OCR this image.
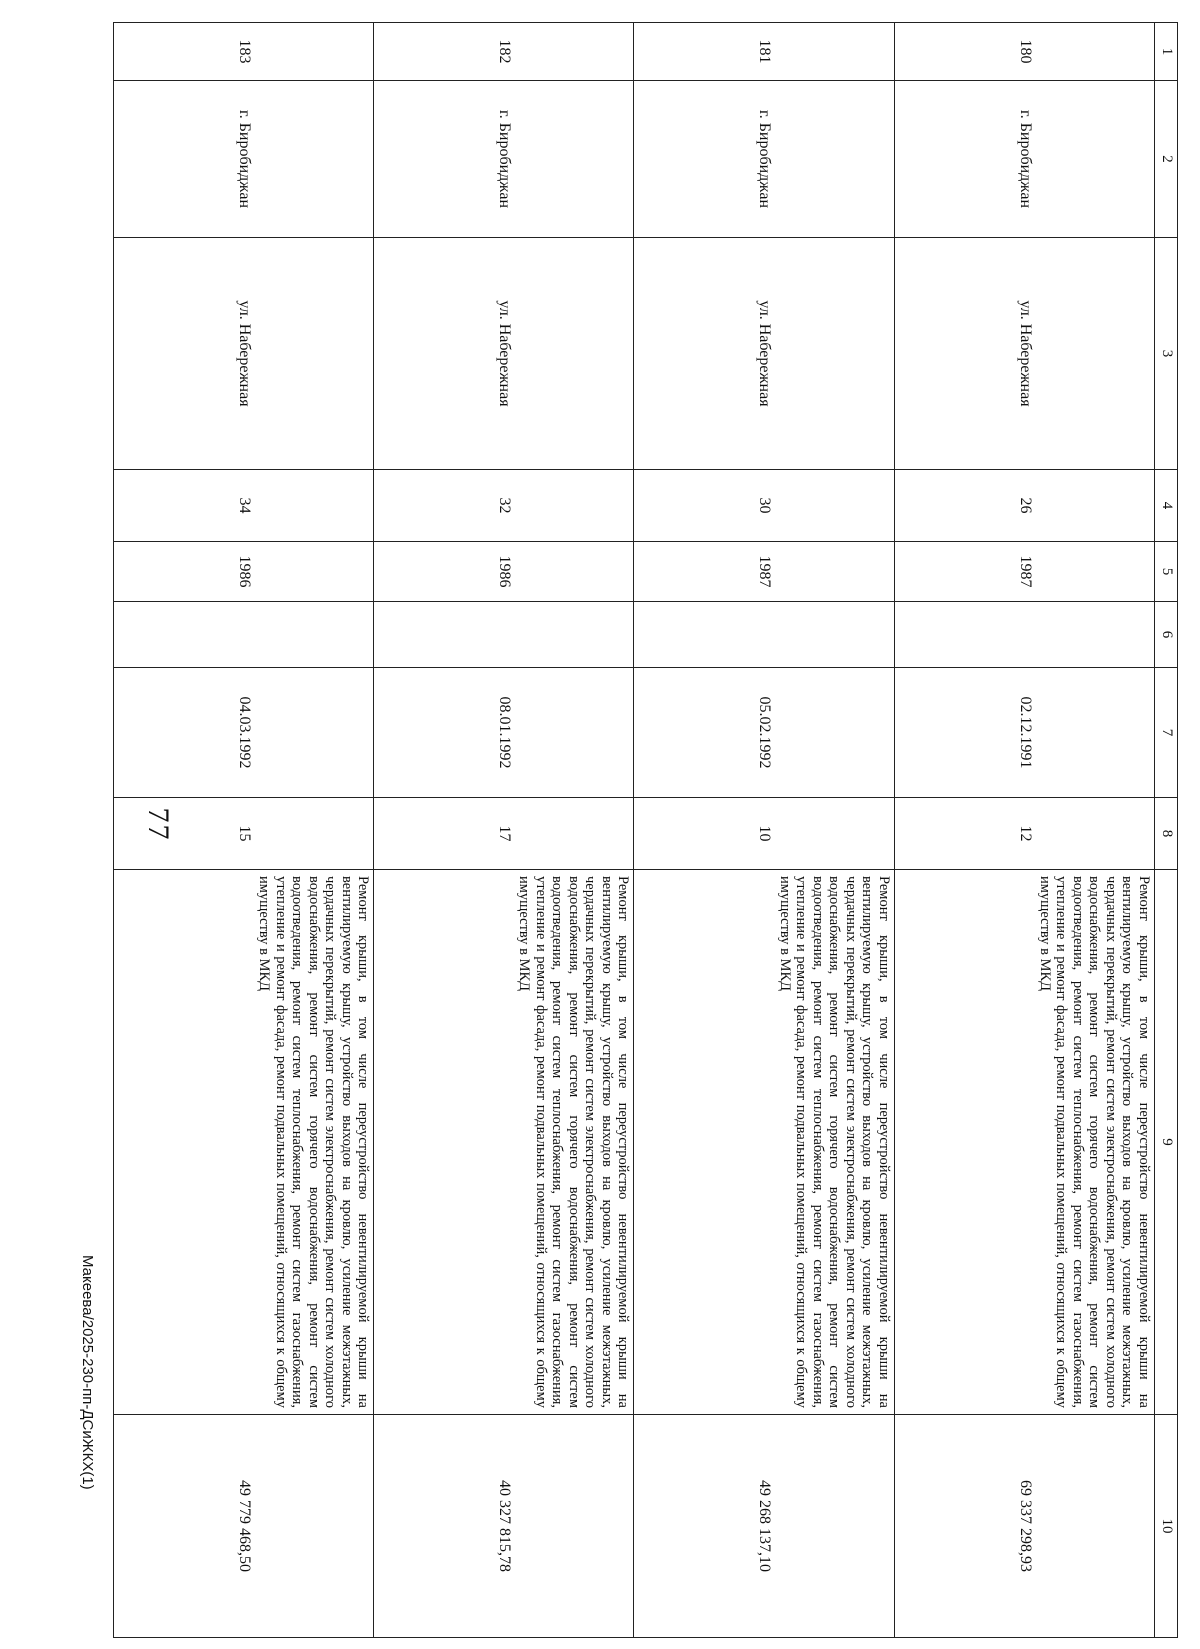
1	2	3	4	5	6	7	8	9	10
180	г. Биробиджан	ул. Набережная	26	1987		02.12.1991	12	Ремонт крыши, в том числе переустройство невентилируемой крыши на вентилируемую крышу, устройство выходов на кровлю, усиление межэтажных, чердачных перекрытий, ремонт систем электроснабжения, ремонт систем холодного водоснабжения, ремонт систем горячего водоснабжения, ремонт систем водоотведения, ремонт систем теплоснабжения, ремонт систем газоснабжения, утепление и ремонт фасада, ремонт подвальных помещений, относящихся к общему имуществу в МКД	69 337 298,93
181	г. Биробиджан	ул. Набережная	30	1987		05.02.1992	10	Ремонт крыши, в том числе переустройство невентилируемой крыши на вентилируемую крышу, устройство выходов на кровлю, усиление межэтажных, чердачных перекрытий, ремонт систем электроснабжения, ремонт систем холодного водоснабжения, ремонт систем горячего водоснабжения, ремонт систем водоотведения, ремонт систем теплоснабжения, ремонт систем газоснабжения, утепление и ремонт фасада, ремонт подвальных помещений, относящихся к общему имуществу в МКД	49 268 137,10
182	г. Биробиджан	ул. Набережная	32	1986		08.01.1992	17	Ремонт крыши, в том числе переустройство невентилируемой крыши на вентилируемую крышу, устройство выходов на кровлю, усиление межэтажных, чердачных перекрытий, ремонт систем электроснабжения, ремонт систем холодного водоснабжения, ремонт систем горячего водоснабжения, ремонт систем водоотведения, ремонт систем теплоснабжения, ремонт систем газоснабжения, утепление и ремонт фасада, ремонт подвальных помещений, относящихся к общему имуществу в МКД	40 327 815,78
183	г. Биробиджан	ул. Набережная	34	1986		04.03.1992	15	Ремонт крыши, в том числе переустройство невентилируемой крыши на вентилируемую крышу, устройство выходов на кровлю, усиление межэтажных, чердачных перекрытий, ремонт систем электроснабжения, ремонт систем холодного водоснабжения, ремонт систем горячего водоснабжения, ремонт систем водоотведения, ремонт систем теплоснабжения, ремонт систем газоснабжения, утепление и ремонт фасада, ремонт подвальных помещений, относящихся к общему имуществу в МКД	49 779 468,50
77
Макеева/2025-230-пп-ДСиЖКХ(1)
